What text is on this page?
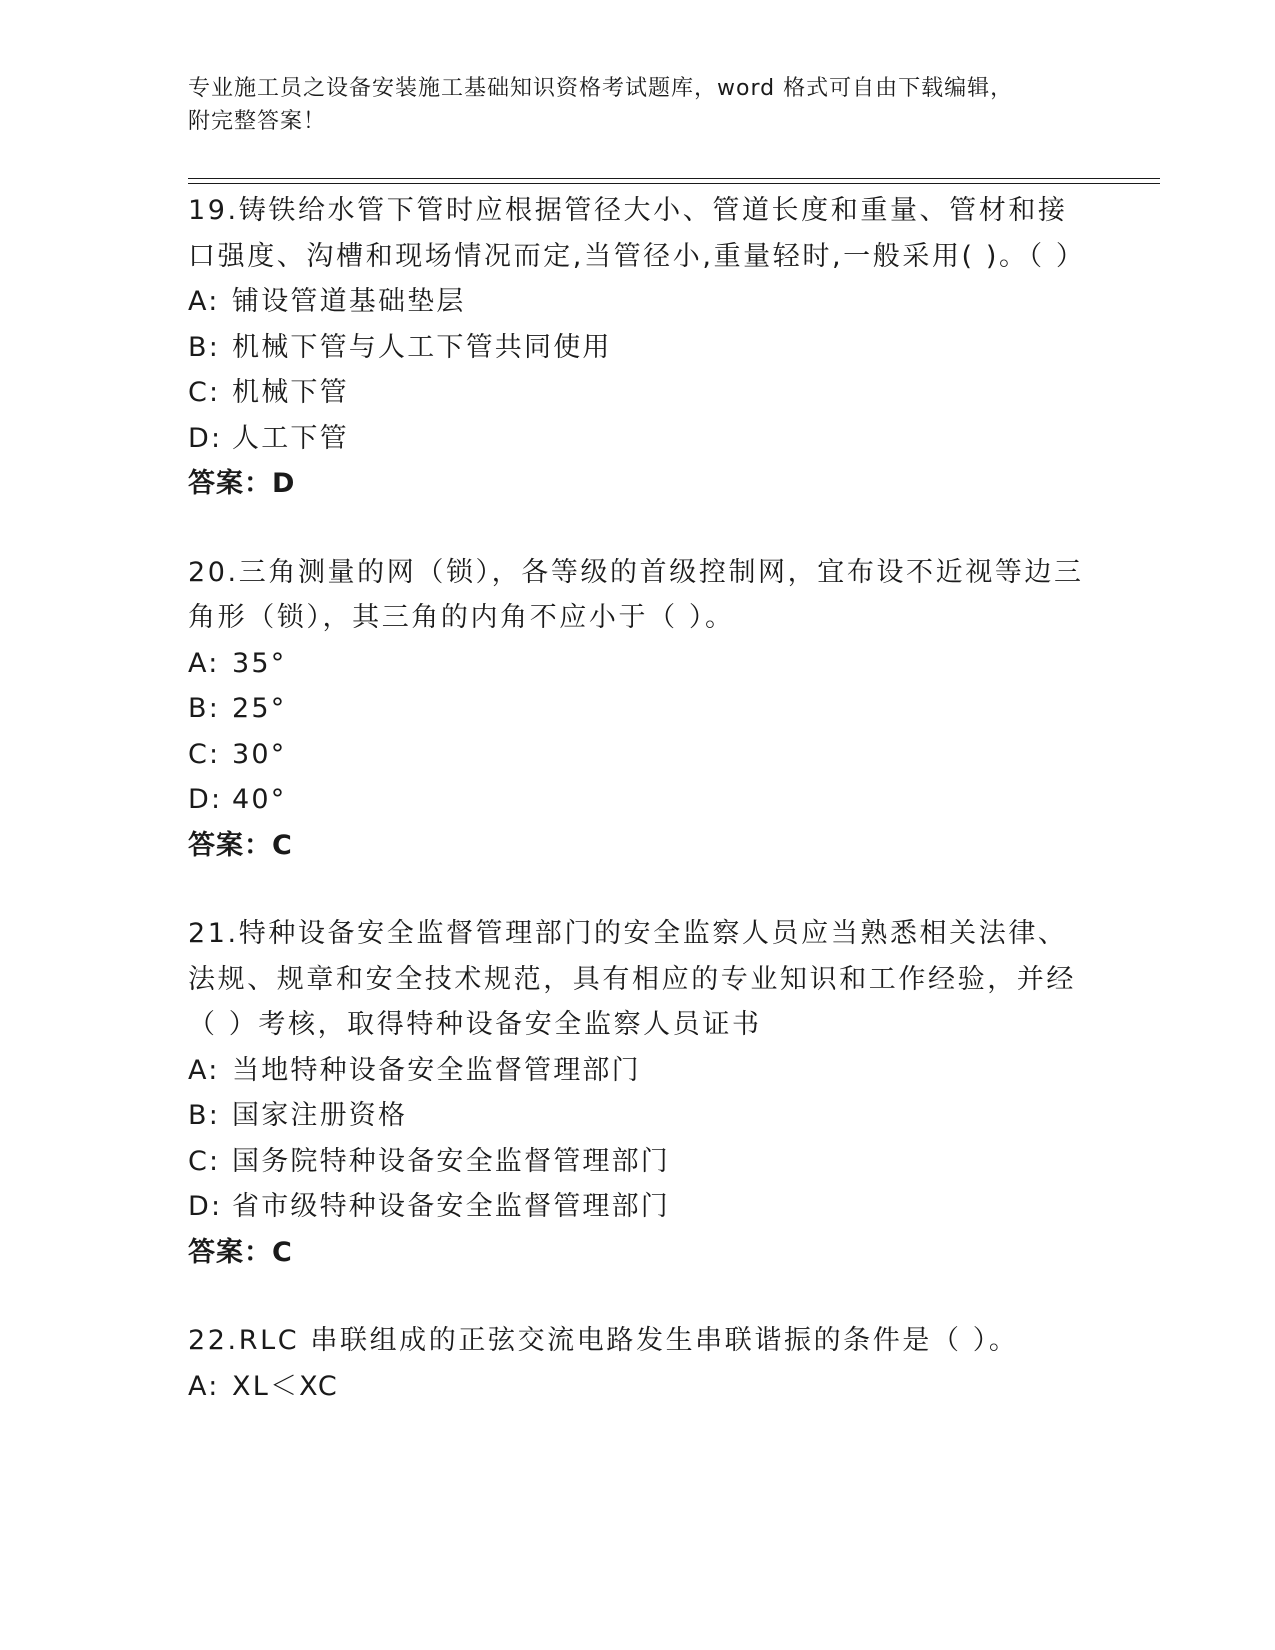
专业施工员之设备安装施工基础知识资格考试题库，word 格式可自由下载编辑，
附完整答案！

19.铸铁给水管下管时应根据管径大小、管道长度和重量、管材和接口强度、沟槽和现场情况而定,当管径小,重量轻时,一般采用( )。（ ）

A: 铺设管道基础垫层

B: 机械下管与人工下管共同使用

C: 机械下管

D: 人工下管

答案：D

20.三角测量的网（锁），各等级的首级控制网，宜布设不近视等边三角形（锁），其三角的内角不应小于（ ）。

A: 35°

B: 25°

C: 30°

D: 40°

答案：C

21.特种设备安全监督管理部门的安全监察人员应当熟悉相关法律、法规、规章和安全技术规范，具有相应的专业知识和工作经验，并经（ ）考核，取得特种设备安全监察人员证书

A: 当地特种设备安全监督管理部门

B: 国家注册资格

C: 国务院特种设备安全监督管理部门

D: 省市级特种设备安全监督管理部门

答案：C

22.RLC 串联组成的正弦交流电路发生串联谐振的条件是（ ）。

A: XL＜XC
